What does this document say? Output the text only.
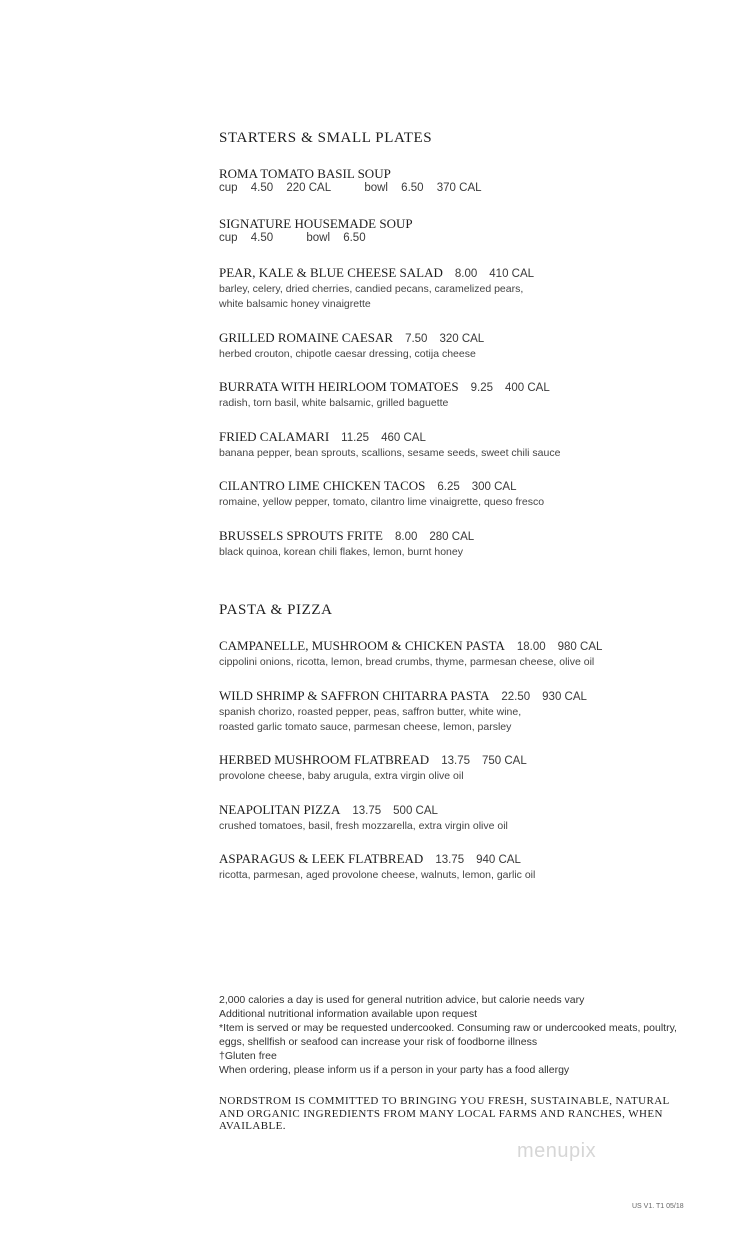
STARTERS & SMALL PLATES
ROMA TOMATO BASIL SOUP
cup 4.50 220 CAL	bowl 6.50 370 CAL
SIGNATURE HOUSEMADE SOUP
cup 4.50	bowl 6.50
PEAR, KALE & BLUE CHEESE SALAD 8.00 410 CAL
barley, celery, dried cherries, candied pecans, caramelized pears,
white balsamic honey vinaigrette
GRILLED ROMAINE CAESAR 7.50 320 CAL
herbed crouton, chipotle caesar dressing, cotija cheese
BURRATA WITH HEIRLOOM TOMATOES 9.25 400 CAL
radish, torn basil, white balsamic, grilled baguette
FRIED CALAMARI 11.25 460 CAL
banana pepper, bean sprouts, scallions, sesame seeds, sweet chili sauce
CILANTRO LIME CHICKEN TACOS 6.25 300 CAL
romaine, yellow pepper, tomato, cilantro lime vinaigrette, queso fresco
BRUSSELS SPROUTS FRITE 8.00 280 CAL
black quinoa, korean chili flakes, lemon, burnt honey
PASTA & PIZZA
CAMPANELLE, MUSHROOM & CHICKEN PASTA 18.00 980 CAL
cippolini onions, ricotta, lemon, bread crumbs, thyme, parmesan cheese, olive oil
WILD SHRIMP & SAFFRON CHITARRA PASTA 22.50 930 CAL
spanish chorizo, roasted pepper, peas, saffron butter, white wine,
roasted garlic tomato sauce, parmesan cheese, lemon, parsley
HERBED MUSHROOM FLATBREAD 13.75 750 CAL
provolone cheese, baby arugula, extra virgin olive oil
NEAPOLITAN PIZZA 13.75 500 CAL
crushed tomatoes, basil, fresh mozzarella, extra virgin olive oil
ASPARAGUS & LEEK FLATBREAD 13.75 940 CAL
ricotta, parmesan, aged provolone cheese, walnuts, lemon, garlic oil
2,000 calories a day is used for general nutrition advice, but calorie needs vary
Additional nutritional information available upon request
*Item is served or may be requested undercooked. Consuming raw or undercooked meats, poultry,
eggs, shellfish or seafood can increase your risk of foodborne illness
†Gluten free
When ordering, please inform us if a person in your party has a food allergy
NORDSTROM IS COMMITTED TO BRINGING YOU FRESH, SUSTAINABLE, NATURAL AND ORGANIC INGREDIENTS FROM MANY LOCAL FARMS AND RANCHES, WHEN AVAILABLE.
menupix
US V1. T1 05/18
